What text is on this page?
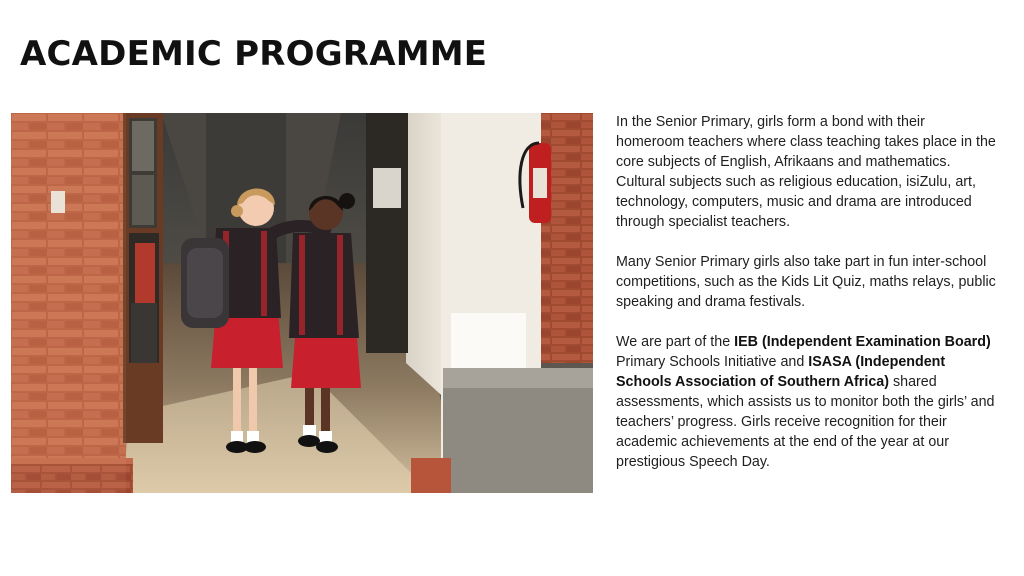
ACADEMIC PROGRAMME

In the Senior Primary, girls form a bond with their homeroom teachers where class teaching takes place in the core subjects of English, Afrikaans and mathematics. Cultural subjects such as religious education, isiZulu, art, technology, computers, music and drama are introduced through specialist teachers.

Many Senior Primary girls also take part in fun inter-school competitions, such as the Kids Lit Quiz, maths relays, public speaking and drama festivals.

We are part of the IEB (Independent Examination Board) Primary Schools Initiative and ISASA (Independent Schools Association of Southern Africa) shared assessments, which assists us to monitor both the girls’ and teachers’ progress. Girls receive recognition for their academic achievements at the end of the year at our prestigious Speech Day.
